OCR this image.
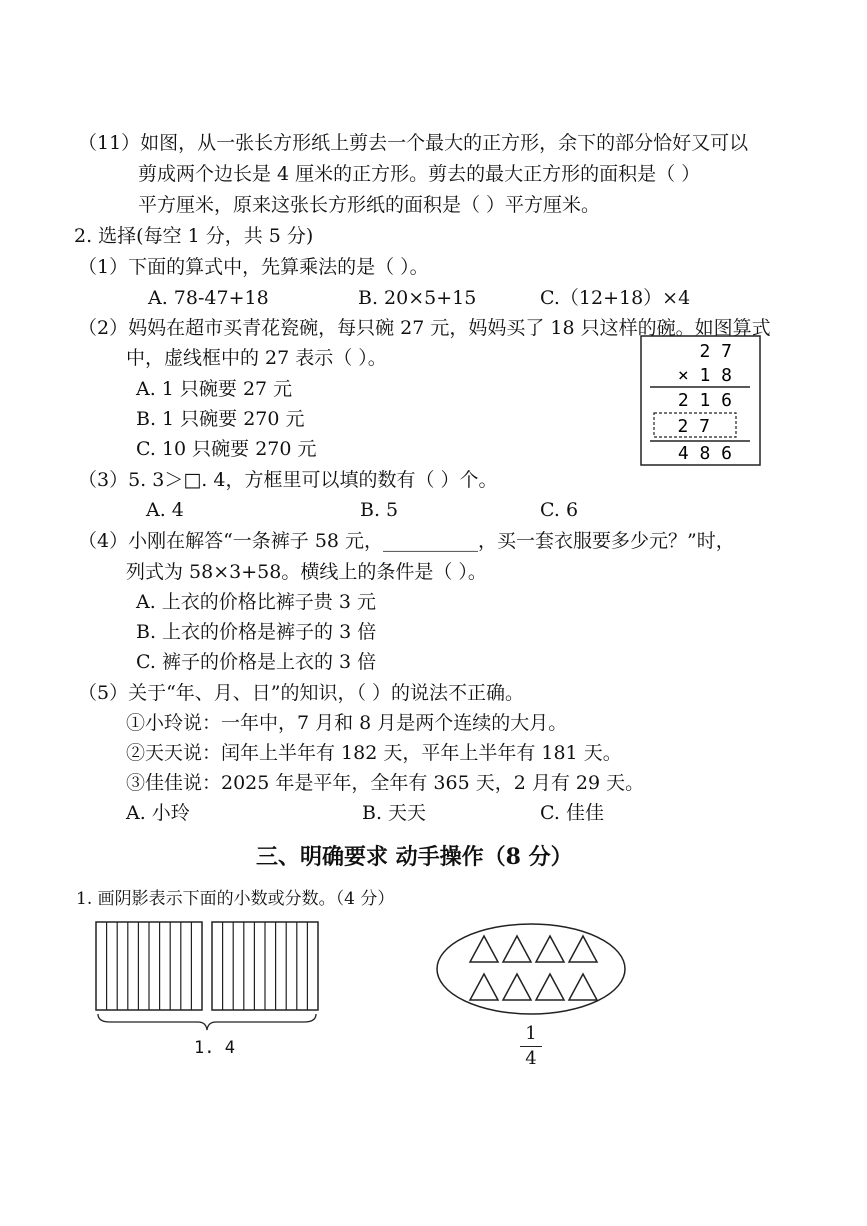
（11）如图，从一张长方形纸上剪去一个最大的正方形，余下的部分恰好又可以
剪成两个边长是 4 厘米的正方形。剪去的最大正方形的面积是（ ）
平方厘米，原来这张长方形纸的面积是（ ）平方厘米。
2. 选择(每空 1 分，共 5 分)
（1）下面的算式中，先算乘法的是（ ）。
A. 78-47+18	B. 20×5+15	C.（12+18）×4
（2）妈妈在超市买青花瓷碗，每只碗 27 元，妈妈买了 18 只这样的碗。如图算式
中，虚线框中的 27 表示（ ）。
A. 1 只碗要 27 元
B. 1 只碗要 270 元
C. 10 只碗要 270 元
2 7
× 1 8
2 1 6
2 7
4 8 6
（3）5. 3＞□. 4，方框里可以填的数有（ ）个。
A. 4	B. 5	C. 6
（4）小刚在解答“一条裤子 58 元，__________，买一套衣服要多少元？”时，
列式为 58×3+58。横线上的条件是（ ）。
A. 上衣的价格比裤子贵 3 元
B. 上衣的价格是裤子的 3 倍
C. 裤子的价格是上衣的 3 倍
（5）关于“年、月、日”的知识，（ ）的说法不正确。
①小玲说：一年中，7 月和 8 月是两个连续的大月。
②天天说：闰年上半年有 182 天，平年上半年有 181 天。
③佳佳说：2025 年是平年，全年有 365 天，2 月有 29 天。
A. 小玲	B. 天天	C. 佳佳
三、明确要求 动手操作（8 分）
1. 画阴影表示下面的小数或分数。（4 分）
1. 4
1
4
